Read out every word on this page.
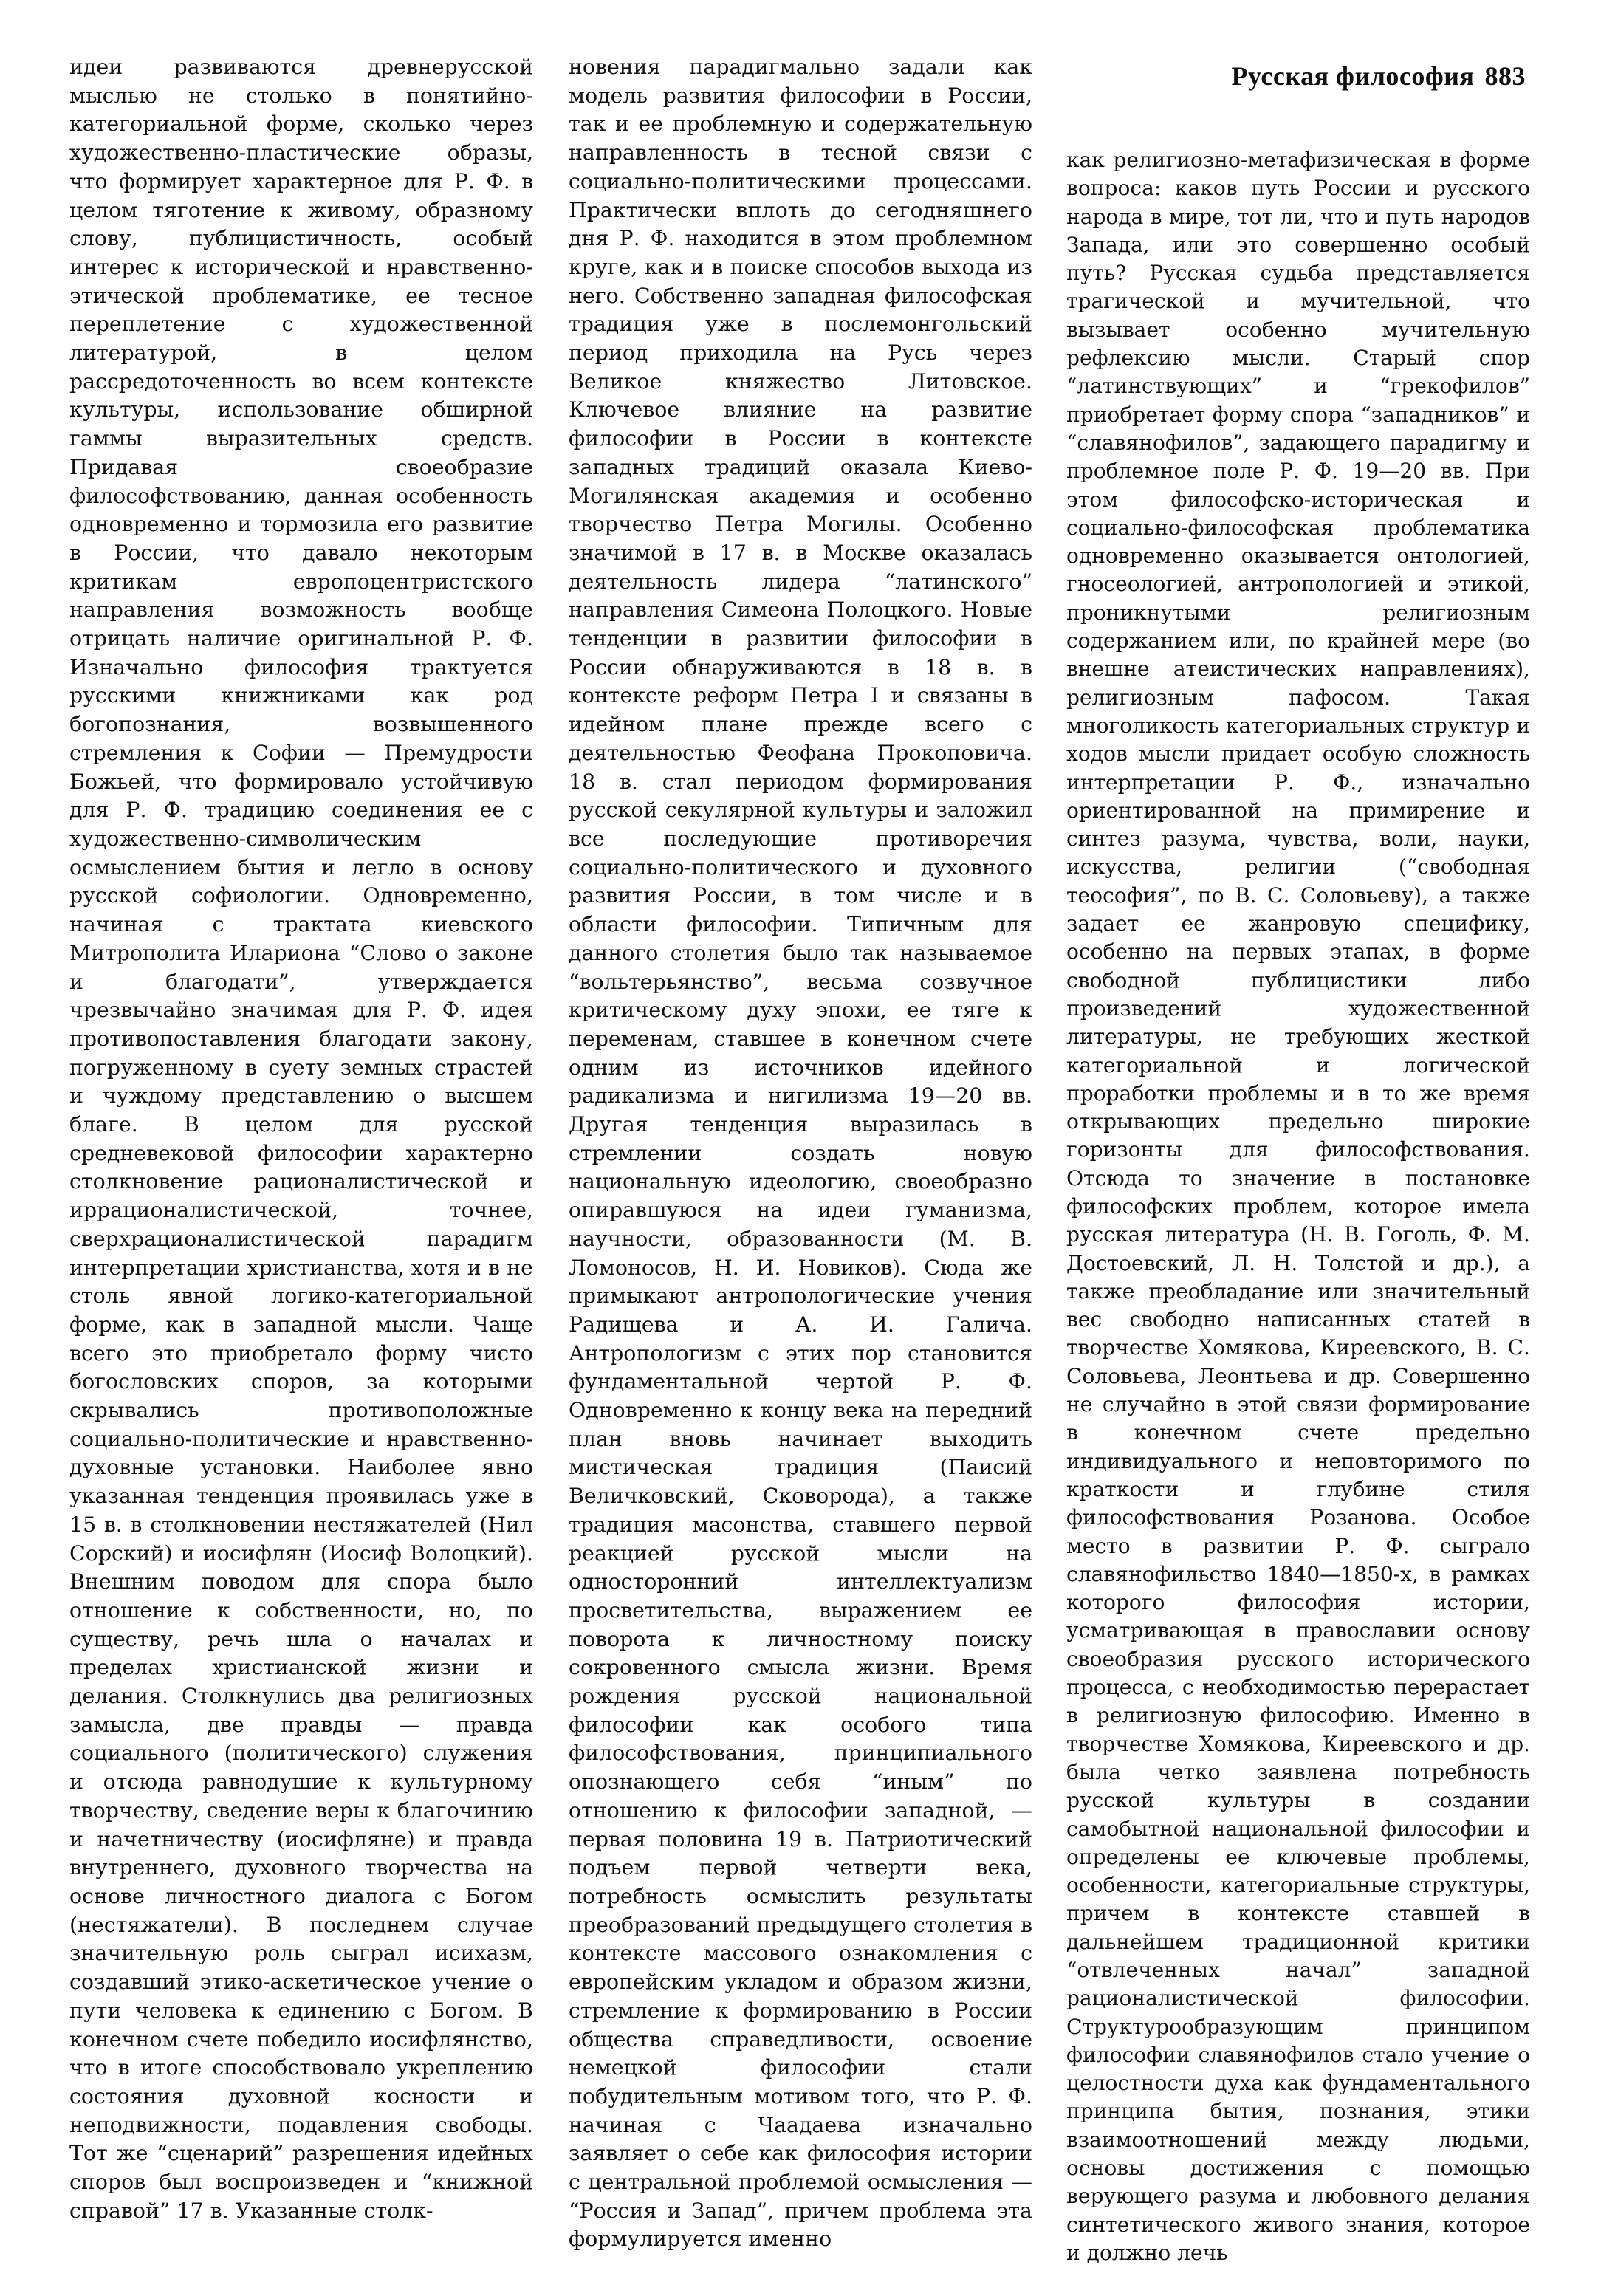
Русская философия 883

идеи развиваются древнерусской мыслью не столько в понятийно-категориальной форме, сколько через художественно-пластические образы, что формирует характерное для Р. Ф. в целом тяготение к живому, образному слову, публицистичность, особый интерес к исторической и нравственно-этической проблематике, ее тесное переплетение с художественной литературой, в целом рассредоточенность во всем контексте культуры, использование обширной гаммы выразительных средств. Придавая своеобразие философствованию, данная особенность одновременно и тормозила его развитие в России, что давало некоторым критикам европоцентристского направления возможность вообще отрицать наличие оригинальной Р. Ф. Изначально философия трактуется русскими книжниками как род богопознания, возвышенного стремления к Софии — Премудрости Божьей, что формировало устойчивую для Р. Ф. традицию соединения ее с художественно-символическим осмыслением бытия и легло в основу русской софиологии. Одновременно, начиная с трактата киевского Митрополита Илариона “Слово о законе и благодати”, утверждается чрезвычайно значимая для Р. Ф. идея противопоставления благодати закону, погруженному в суету земных страстей и чуждому представлению о высшем благе. В целом для русской средневековой философии характерно столкновение рационалистической и иррационалистической, точнее, сверхрационалистической парадигм интерпретации христианства, хотя и в не столь явной логико-категориальной форме, как в западной мысли. Чаще всего это приобретало форму чисто богословских споров, за которыми скрывались противоположные социально-политические и нравственно-духовные установки. Наиболее явно указанная тенденция проявилась уже в 15 в. в столкновении нестяжателей (Нил Сорский) и иосифлян (Иосиф Волоцкий). Внешним поводом для спора было отношение к собственности, но, по существу, речь шла о началах и пределах христианской жизни и делания. Столкнулись два религиозных замысла, две правды — правда социального (политического) служения и отсюда равнодушие к культурному творчеству, сведение веры к благочинию и начетничеству (иосифляне) и правда внутреннего, духовного творчества на основе личностного диалога с Богом (нестяжатели). В последнем случае значительную роль сыграл исихазм, создавший этико-аскетическое учение о пути человека к единению с Богом. В конечном счете победило иосифлянство, что в итоге способствовало укреплению состояния духовной косности и неподвижности, подавления свободы. Тот же “сценарий” разрешения идейных споров был воспроизведен и “книжной справой” 17 в. Указанные столк-

новения парадигмально задали как модель развития философии в России, так и ее проблемную и содержательную направленность в тесной связи с социально-политическими процессами. Практически вплоть до сегодняшнего дня Р. Ф. находится в этом проблемном круге, как и в поиске способов выхода из него. Собственно западная философская традиция уже в послемонгольский период приходила на Русь через Великое княжество Литовское. Ключевое влияние на развитие философии в России в контексте западных традиций оказала Киево-Могилянская академия и особенно творчество Петра Могилы. Особенно значимой в 17 в. в Москве оказалась деятельность лидера “латинского” направления Симеона Полоцкого. Новые тенденции в развитии философии в России обнаруживаются в 18 в. в контексте реформ Петра I и связаны в идейном плане прежде всего с деятельностью Феофана Прокоповича. 18 в. стал периодом формирования русской секулярной культуры и заложил все последующие противоречия социально-политического и духовного развития России, в том числе и в области философии. Типичным для данного столетия было так называемое “вольтерьянство”, весьма созвучное критическому духу эпохи, ее тяге к переменам, ставшее в конечном счете одним из источников идейного радикализма и нигилизма 19—20 вв. Другая тенденция выразилась в стремлении создать новую национальную идеологию, своеобразно опиравшуюся на идеи гуманизма, научности, образованности (М. В. Ломоносов, Н. И. Новиков). Сюда же примыкают антропологические учения Радищева и А. И. Галича. Антропологизм с этих пор становится фундаментальной чертой Р. Ф. Одновременно к концу века на передний план вновь начинает выходить мистическая традиция (Паисий Величковский, Сковорода), а также традиция масонства, ставшего первой реакцией русской мысли на односторонний интеллектуализм просветительства, выражением ее поворота к личностному поиску сокровенного смысла жизни. Время рождения русской национальной философии как особого типа философствования, принципиального опознающего себя “иным” по отношению к философии западной, — первая половина 19 в. Патриотический подъем первой четверти века, потребность осмыслить результаты преобразований предыдущего столетия в контексте массового ознакомления с европейским укладом и образом жизни, стремление к формированию в России общества справедливости, освоение немецкой философии стали побудительным мотивом того, что Р. Ф. начиная с Чаадаева изначально заявляет о себе как философия истории с центральной проблемой осмысления — “Россия и Запад”, причем проблема эта формулируется именно

как религиозно-метафизическая в форме вопроса: каков путь России и русского народа в мире, тот ли, что и путь народов Запада, или это совершенно особый путь? Русская судьба представляется трагической и мучительной, что вызывает особенно мучительную рефлексию мысли. Старый спор “латинствующих” и “грекофилов” приобретает форму спора “западников” и “славянофилов”, задающего парадигму и проблемное поле Р. Ф. 19—20 вв. При этом философско-историческая и социально-философская проблематика одновременно оказывается онтологией, гносеологией, антропологией и этикой, проникнутыми религиозным содержанием или, по крайней мере (во внешне атеистических направлениях), религиозным пафосом. Такая многоликость категориальных структур и ходов мысли придает особую сложность интерпретации Р. Ф., изначально ориентированной на примирение и синтез разума, чувства, воли, науки, искусства, религии (“свободная теософия”, по В. С. Соловьеву), а также задает ее жанровую специфику, особенно на первых этапах, в форме свободной публицистики либо произведений художественной литературы, не требующих жесткой категориальной и логической проработки проблемы и в то же время открывающих предельно широкие горизонты для философствования. Отсюда то значение в постановке философских проблем, которое имела русская литература (Н. В. Гоголь, Ф. М. Достоевский, Л. Н. Толстой и др.), а также преобладание или значительный вес свободно написанных статей в творчестве Хомякова, Киреевского, В. С. Соловьева, Леонтьева и др. Совершенно не случайно в этой связи формирование в конечном счете предельно индивидуального и неповторимого по краткости и глубине стиля философствования Розанова. Особое место в развитии Р. Ф. сыграло славянофильство 1840—1850-х, в рамках которого философия истории, усматривающая в православии основу своеобразия русского исторического процесса, с необходимостью перерастает в религиозную философию. Именно в творчестве Хомякова, Киреевского и др. была четко заявлена потребность русской культуры в создании самобытной национальной философии и определены ее ключевые проблемы, особенности, категориальные структуры, причем в контексте ставшей в дальнейшем традиционной критики “отвлеченных начал” западной рационалистической философии. Структурообразующим принципом философии славянофилов стало учение о целостности духа как фундаментального принципа бытия, познания, этики взаимоотношений между людьми, основы достижения с помощью верующего разума и любовного делания синтетического живого знания, которое и должно лечь
